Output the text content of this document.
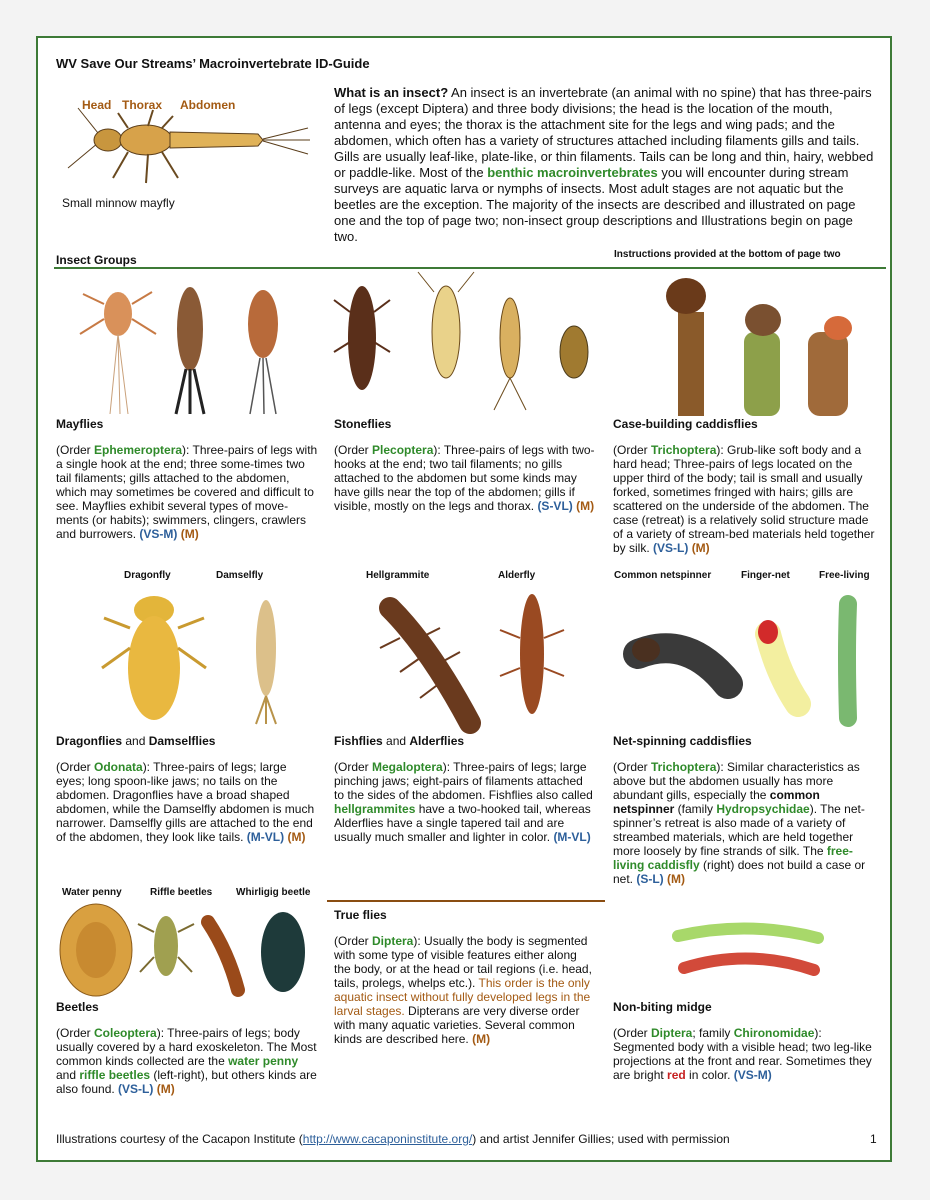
WV Save Our Streams’ Macroinvertebrate ID-Guide
Head Thorax Abdomen
Small minnow mayfly
What is an insect? An insect is an invertebrate (an animal with no spine) that has three-pairs of legs (except Diptera) and three body divisions; the head is the location of the mouth, antenna and eyes; the thorax is the attachment site for the legs and wing pads; and the abdomen, which often has a variety of structures attached including filaments gills and tails. Gills are usually leaf-like, plate-like, or thin filaments. Tails can be long and thin, hairy, webbed or paddle-like. Most of the benthic macroinvertebrates you will encounter during stream surveys are aquatic larva or nymphs of insects. Most adult stages are not aquatic but the beetles are the exception. The majority of the insects are described and illustrated on page one and the top of page two; non-insect group descriptions and Illustrations begin on page two.
Instructions provided at the bottom of page two
Insect Groups
Mayflies
(Order Ephemeroptera): Three-pairs of legs with a single hook at the end; three some-times two tail filaments; gills attached to the abdomen, which may sometimes be covered and difficult to see. Mayflies exhibit several types of move-ments (or habits); swimmers, clingers, crawlers and burrowers. (VS-M) (M)
Stoneflies
(Order Plecoptera): Three-pairs of legs with two-hooks at the end; two tail filaments; no gills attached to the abdomen but some kinds may have gills near the top of the abdomen; gills if visible, mostly on the legs and thorax. (S-VL) (M)
Case-building caddisflies
(Order Trichoptera): Grub-like soft body and a hard head; Three-pairs of legs located on the upper third of the body; tail is small and usually forked, sometimes fringed with hairs; gills are scattered on the underside of the abdomen. The case (retreat) is a relatively solid structure made of a variety of stream-bed materials held together by silk. (VS-L) (M)
Dragonfly	Damselfly	Hellgrammite	Alderfly	Common netspinner	Finger-net	Free-living
Dragonflies and Damselflies
(Order Odonata): Three-pairs of legs; large eyes; long spoon-like jaws; no tails on the abdomen. Dragonflies have a broad shaped abdomen, while the Damselfly abdomen is much narrower. Damselfly gills are attached to the end of the abdomen, they look like tails. (M-VL) (M)
Fishflies and Alderflies
(Order Megaloptera): Three-pairs of legs; large pinching jaws; eight-pairs of filaments attached to the sides of the abdomen. Fishflies also called hellgrammites have a two-hooked tail, whereas Alderflies have a single tapered tail and are usually much smaller and lighter in color. (M-VL)
Net-spinning caddisflies
(Order Trichoptera): Similar characteristics as above but the abdomen usually has more abundant gills, especially the common netspinner (family Hydropsychidae). The net-spinner’s retreat is also made of a variety of streambed materials, which are held together more loosely by fine strands of silk. The free-living caddisfly (right) does not build a case or net. (S-L) (M)
Water penny	Riffle beetles Whirligig beetle
Beetles
(Order Coleoptera): Three-pairs of legs; body usually covered by a hard exoskeleton. The Most common kinds collected are the water penny and riffle beetles (left-right), but others kinds are also found. (VS-L) (M)
True flies
(Order Diptera): Usually the body is segmented with some type of visible features either along the body, or at the head or tail regions (i.e. head, tails, prolegs, whelps etc.). This order is the only aquatic insect without fully developed legs in the larval stages. Dipterans are very diverse order with many aquatic varieties. Several common kinds are described here. (M)
Non-biting midge
(Order Diptera; family Chironomidae): Segmented body with a visible head; two leg-like projections at the front and rear. Sometimes they are bright red in color. (VS-M)
Illustrations courtesy of the Cacapon Institute (http://www.cacaponinstitute.org/) and artist Jennifer Gillies; used with permission	1
